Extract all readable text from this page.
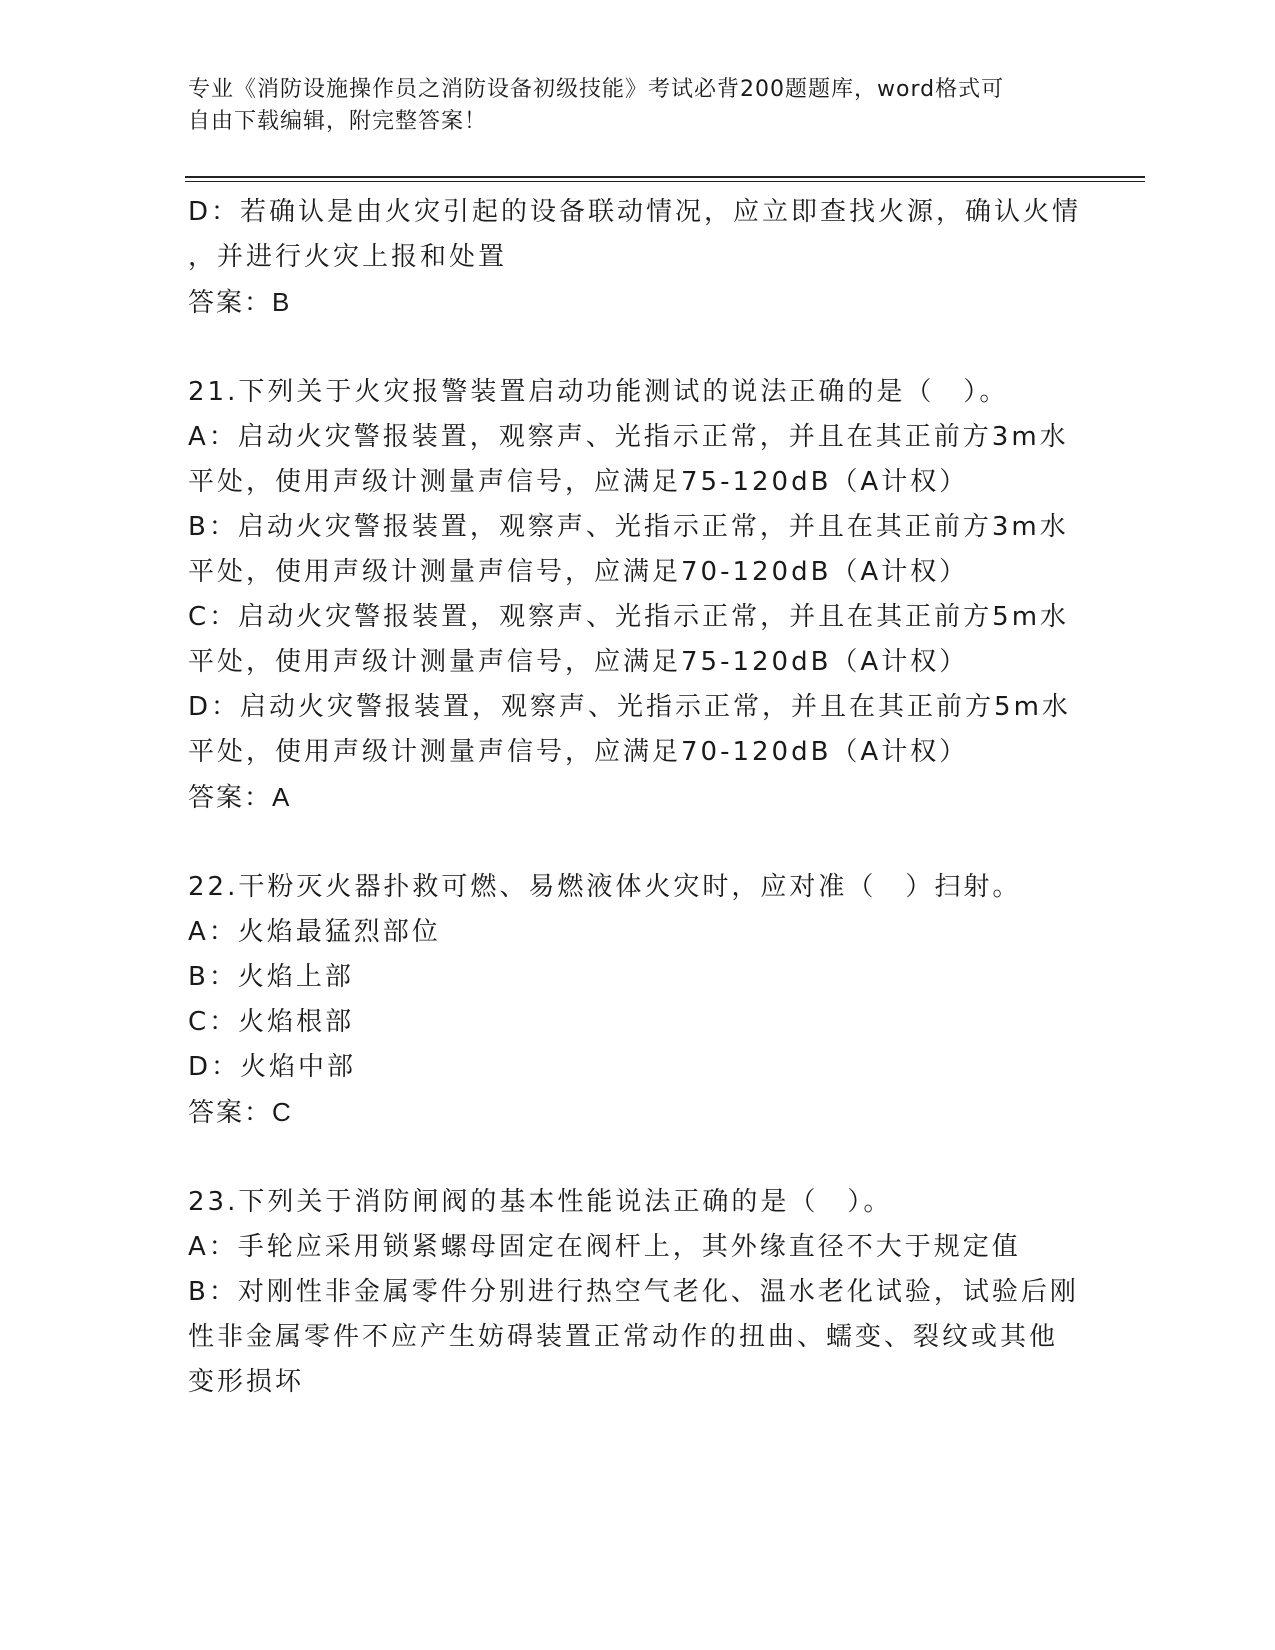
专业《消防设施操作员之消防设备初级技能》考试必背200题题库，word格式可
自由下载编辑，附完整答案！
D：若确认是由火灾引起的设备联动情况，应立即查找火源，确认火情
，并进行火灾上报和处置
答案：B
21.下列关于火灾报警装置启动功能测试的说法正确的是（　）。
A：启动火灾警报装置，观察声、光指示正常，并且在其正前方3m水
平处，使用声级计测量声信号，应满足75-120dB（A计权）
B：启动火灾警报装置，观察声、光指示正常，并且在其正前方3m水
平处，使用声级计测量声信号，应满足70-120dB（A计权）
C：启动火灾警报装置，观察声、光指示正常，并且在其正前方5m水
平处，使用声级计测量声信号，应满足75-120dB（A计权）
D：启动火灾警报装置，观察声、光指示正常，并且在其正前方5m水
平处，使用声级计测量声信号，应满足70-120dB（A计权）
答案：A
22.干粉灭火器扑救可燃、易燃液体火灾时，应对准（　）扫射。
A：火焰最猛烈部位
B：火焰上部
C：火焰根部
D：火焰中部
答案：C
23.下列关于消防闸阀的基本性能说法正确的是（　）。
A：手轮应采用锁紧螺母固定在阀杆上，其外缘直径不大于规定值
B：对刚性非金属零件分别进行热空气老化、温水老化试验，试验后刚
性非金属零件不应产生妨碍装置正常动作的扭曲、蠕变、裂纹或其他
变形损坏
